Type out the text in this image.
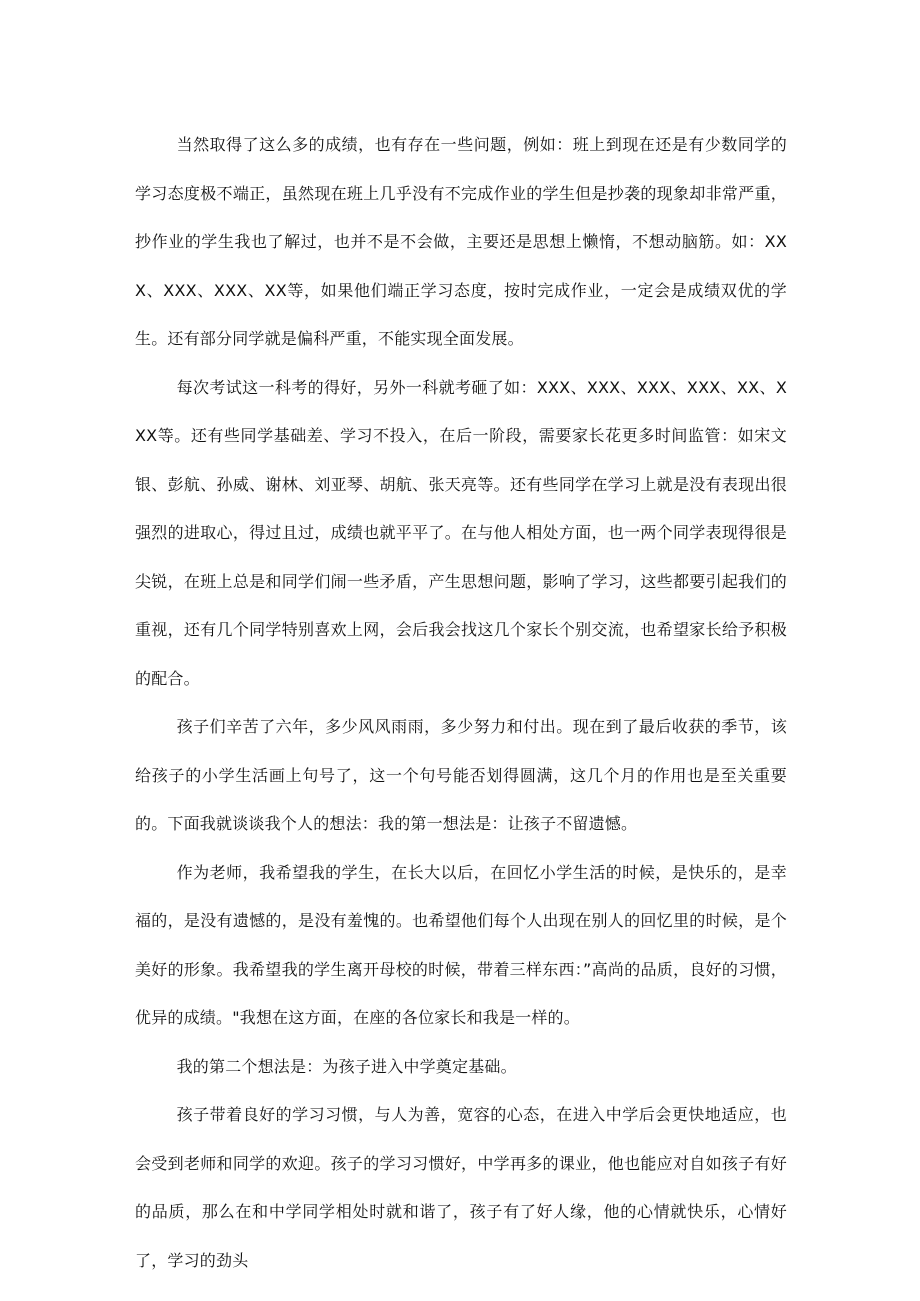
当然取得了这么多的成绩，也有存在一些问题，例如：班上到现在还是有少数同学的学习态度极不端正，虽然现在班上几乎没有不完成作业的学生但是抄袭的现象却非常严重，抄作业的学生我也了解过，也并不是不会做，主要还是思想上懒惰，不想动脑筋。如：XXX、XXX、XXX、XX等，如果他们端正学习态度，按时完成作业，一定会是成绩双优的学生。还有部分同学就是偏科严重，不能实现全面发展。

每次考试这一科考的得好，另外一科就考砸了如：XXX、XXX、XXX、XXX、XX、XXX等。还有些同学基础差、学习不投入，在后一阶段，需要家长花更多时间监管：如宋文银、彭航、孙威、谢林、刘亚琴、胡航、张天亮等。还有些同学在学习上就是没有表现出很强烈的进取心，得过且过，成绩也就平平了。在与他人相处方面，也一两个同学表现得很是尖锐，在班上总是和同学们闹一些矛盾，产生思想问题，影响了学习，这些都要引起我们的重视，还有几个同学特别喜欢上网，会后我会找这几个家长个别交流，也希望家长给予积极的配合。

孩子们辛苦了六年，多少风风雨雨，多少努力和付出。现在到了最后收获的季节，该给孩子的小学生活画上句号了，这一个句号能否划得圆满，这几个月的作用也是至关重要的。下面我就谈谈我个人的想法：我的第一想法是：让孩子不留遗憾。

作为老师，我希望我的学生，在长大以后，在回忆小学生活的时候，是快乐的，是幸福的，是没有遗憾的，是没有羞愧的。也希望他们每个人出现在别人的回忆里的时候，是个美好的形象。我希望我的学生离开母校的时候，带着三样东西：”高尚的品质，良好的习惯，优异的成绩。"我想在这方面，在座的各位家长和我是一样的。

我的第二个想法是：为孩子进入中学奠定基础。

孩子带着良好的学习习惯，与人为善，宽容的心态，在进入中学后会更快地适应，也会受到老师和同学的欢迎。孩子的学习习惯好，中学再多的课业，他也能应对自如孩子有好的品质，那么在和中学同学相处时就和谐了，孩子有了好人缘，他的心情就快乐，心情好了，学习的劲头
